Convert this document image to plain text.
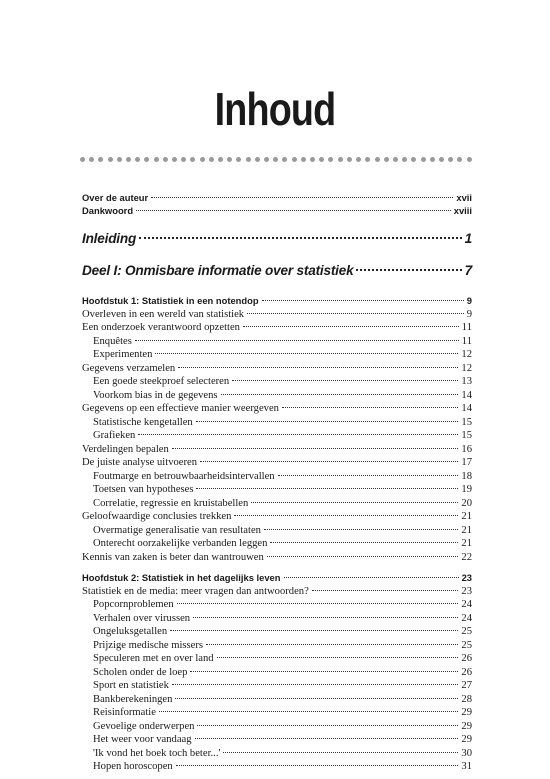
Inhoud
Over de auteur	xvii
Dankwoord	xviii
Inleiding	1
Deel I: Onmisbare informatie over statistiek	7
Hoofdstuk 1: Statistiek in een notendop	9
Overleven in een wereld van statistiek	9
Een onderzoek verantwoord opzetten	11
Enquêtes	11
Experimenten	12
Gegevens verzamelen	12
Een goede steekproef selecteren	13
Voorkom bias in de gegevens	14
Gegevens op een effectieve manier weergeven	14
Statistische kengetallen	15
Grafieken	15
Verdelingen bepalen	16
De juiste analyse uitvoeren	17
Foutmarge en betrouwbaarheidsintervallen	18
Toetsen van hypotheses	19
Correlatie, regressie en kruistabellen	20
Geloofwaardige conclusies trekken	21
Overmatige generalisatie van resultaten	21
Onterecht oorzakelijke verbanden leggen	21
Kennis van zaken is beter dan wantrouwen	22
Hoofdstuk 2: Statistiek in het dagelijks leven	23
Statistiek en de media: meer vragen dan antwoorden?	23
Popcornproblemen	24
Verhalen over virussen	24
Ongeluksgetallen	25
Prijzige medische missers	25
Speculeren met en over land	26
Scholen onder de loep	26
Sport en statistiek	27
Bankberekeningen	28
Reisinformatie	29
Gevoelige onderwerpen	29
Het weer voor vandaag	29
'Ik vond het boek toch beter...'	30
Hopen horoscopen	31
